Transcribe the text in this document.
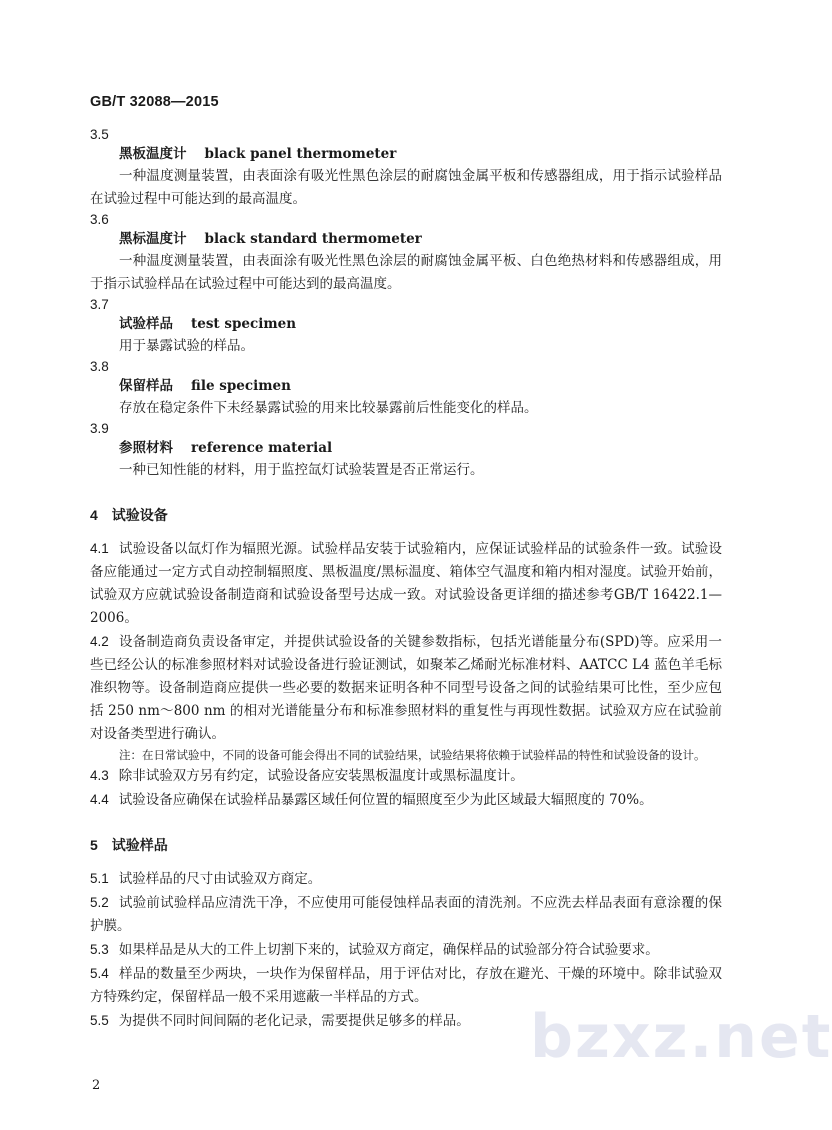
GB/T 32088—2015
3.5
黑板温度计 black panel thermometer
一种温度测量装置，由表面涂有吸光性黑色涂层的耐腐蚀金属平板和传感器组成，用于指示试验样品在试验过程中可能达到的最高温度。
3.6
黑标温度计 black standard thermometer
一种温度测量装置，由表面涂有吸光性黑色涂层的耐腐蚀金属平板、白色绝热材料和传感器组成，用于指示试验样品在试验过程中可能达到的最高温度。
3.7
试验样品 test specimen
用于暴露试验的样品。
3.8
保留样品 file specimen
存放在稳定条件下未经暴露试验的用来比较暴露前后性能变化的样品。
3.9
参照材料 reference material
一种已知性能的材料，用于监控氙灯试验装置是否正常运行。
4 试验设备
4.1 试验设备以氙灯作为辐照光源。试验样品安装于试验箱内，应保证试验样品的试验条件一致。试验设备应能通过一定方式自动控制辐照度、黑板温度/黑标温度、箱体空气温度和箱内相对湿度。试验开始前，试验双方应就试验设备制造商和试验设备型号达成一致。对试验设备更详细的描述参考GB/T 16422.1—2006。
4.2 设备制造商负责设备审定，并提供试验设备的关键参数指标，包括光谱能量分布(SPD)等。应采用一些已经公认的标准参照材料对试验设备进行验证测试，如聚苯乙烯耐光标准材料、AATCC L4 蓝色羊毛标准织物等。设备制造商应提供一些必要的数据来证明各种不同型号设备之间的试验结果可比性，至少应包括 250 nm～800 nm 的相对光谱能量分布和标准参照材料的重复性与再现性数据。试验双方应在试验前对设备类型进行确认。
注：在日常试验中，不同的设备可能会得出不同的试验结果，试验结果将依赖于试验样品的特性和试验设备的设计。
4.3 除非试验双方另有约定，试验设备应安装黑板温度计或黑标温度计。
4.4 试验设备应确保在试验样品暴露区域任何位置的辐照度至少为此区域最大辐照度的 70%。
5 试验样品
5.1 试验样品的尺寸由试验双方商定。
5.2 试验前试验样品应清洗干净，不应使用可能侵蚀样品表面的清洗剂。不应洗去样品表面有意涂覆的保护膜。
5.3 如果样品是从大的工件上切割下来的，试验双方商定，确保样品的试验部分符合试验要求。
5.4 样品的数量至少两块，一块作为保留样品，用于评估对比，存放在避光、干燥的环境中。除非试验双方特殊约定，保留样品一般不采用遮蔽一半样品的方式。
5.5 为提供不同时间间隔的老化记录，需要提供足够多的样品。	bzxz.net
2
